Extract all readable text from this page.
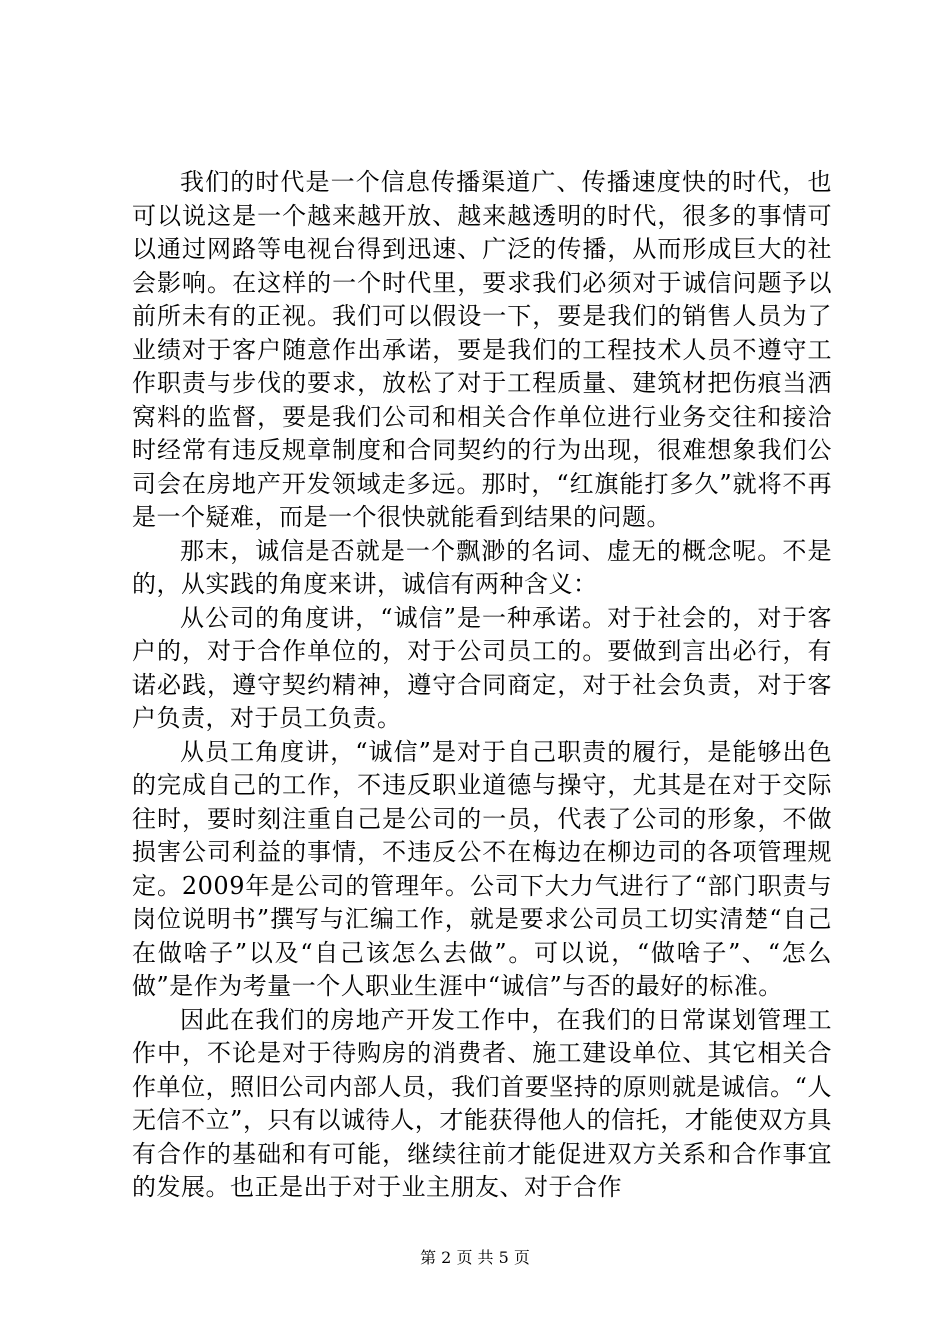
我们的时代是一个信息传播渠道广、传播速度快的时代，也可以说这是一个越来越开放、越来越透明的时代，很多的事情可以通过网路等电视台得到迅速、广泛的传播，从而形成巨大的社会影响。在这样的一个时代里，要求我们必须对于诚信问题予以前所未有的正视。我们可以假设一下，要是我们的销售人员为了业绩对于客户随意作出承诺，要是我们的工程技术人员不遵守工作职责与步伐的要求，放松了对于工程质量、建筑材把伤痕当洒窝料的监督，要是我们公司和相关合作单位进行业务交往和接洽时经常有违反规章制度和合同契约的行为出现，很难想象我们公司会在房地产开发领域走多远。那时，“红旗能打多久”就将不再是一个疑难，而是一个很快就能看到结果的问题。

那末，诚信是否就是一个飘渺的名词、虚无的概念呢。不是的，从实践的角度来讲，诚信有两种含义：

从公司的角度讲，“诚信”是一种承诺。对于社会的，对于客户的，对于合作单位的，对于公司员工的。要做到言出必行，有诺必践，遵守契约精神，遵守合同商定，对于社会负责，对于客户负责，对于员工负责。

从员工角度讲，“诚信”是对于自己职责的履行，是能够出色的完成自己的工作，不违反职业道德与操守，尤其是在对于交际往时，要时刻注重自己是公司的一员，代表了公司的形象，不做损害公司利益的事情，不违反公不在梅边在柳边司的各项管理规定。2009年是公司的管理年。公司下大力气进行了“部门职责与岗位说明书”撰写与汇编工作，就是要求公司员工切实清楚“自己在做啥子”以及“自己该怎么去做”。可以说，“做啥子”、“怎么做”是作为考量一个人职业生涯中“诚信”与否的最好的标准。

因此在我们的房地产开发工作中，在我们的日常谋划管理工作中，不论是对于待购房的消费者、施工建设单位、其它相关合作单位，照旧公司内部人员，我们首要坚持的原则就是诚信。“人无信不立”，只有以诚待人，才能获得他人的信托，才能使双方具有合作的基础和有可能，继续往前才能促进双方关系和合作事宜的发展。也正是出于对于业主朋友、对于合作

第 2 页 共 5 页
